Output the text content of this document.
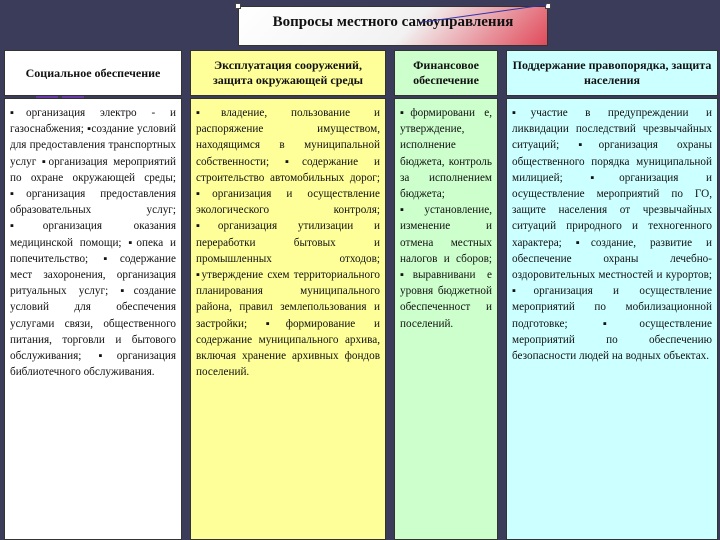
Вопросы местного самоуправления
Социальное обеспечение
Эксплуатация сооружений, защита окружающей среды
Финансовое обеспечение
Поддержание правопорядка, защита населения

▪организация электро - и газоснабжения; ▪создание условий для предоставления транспортных услуг ▪организация мероприятий по охране окружающей среды; ▪организация предоставления образовательных услуг; ▪организация оказания медицинской помощи; ▪опека и попечительство; ▪содержание мест захоронения, организация ритуальных услуг; ▪создание условий для обеспечения услугами связи, общественного питания, торговли и бытового обслуживания; ▪организация библиотечного обслуживания.

▪владение, пользование и распоряжение имуществом, находящимся в муниципальной собственности; ▪содержание и строительство автомобильных дорог; ▪организация и осуществление экологического контроля; ▪организация утилизации и переработки бытовых и промышленных отходов; ▪утверждение схем территориального планирования муниципального района, правил землепользования и застройки; ▪формирование и содержание муниципального архива, включая хранение архивных фондов поселений.

▪формировани е, утверждение, исполнение бюджета, контроль за исполнением бюджета; ▪установление, изменение и отмена местных налогов и сборов; ▪выравнивани е уровня бюджетной обеспеченност и поселений.

▪участие в предупреждении и ликвидации последствий чрезвычайных ситуаций; ▪организация охраны общественного порядка муниципальной милицией; ▪организация и осуществление мероприятий по ГО, защите населения от чрезвычайных ситуаций природного и техногенного характера; ▪создание, развитие и обеспечение охраны лечебно-оздоровительных местностей и курортов; ▪организация и осуществление мероприятий по мобилизационной подготовке; ▪осуществление мероприятий по обеспечению безопасности людей на водных объектах.
